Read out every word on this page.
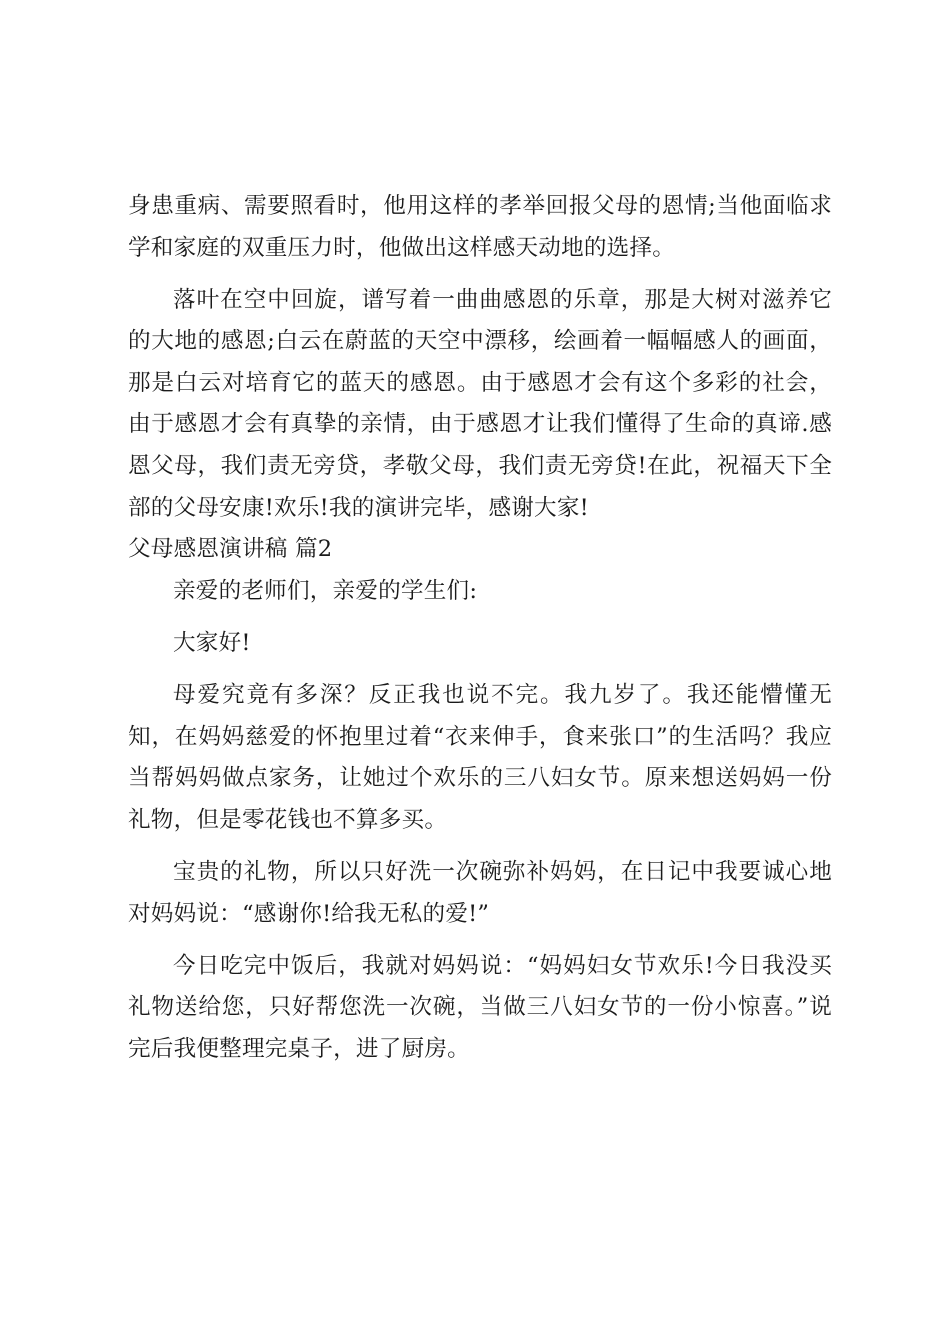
身患重病、需要照看时，他用这样的孝举回报父母的恩情;当他面临求学和家庭的双重压力时，他做出这样感天动地的选择。

落叶在空中回旋，谱写着一曲曲感恩的乐章，那是大树对滋养它的大地的感恩;白云在蔚蓝的天空中漂移，绘画着一幅幅感人的画面，那是白云对培育它的蓝天的感恩。由于感恩才会有这个多彩的社会，由于感恩才会有真挚的亲情，由于感恩才让我们懂得了生命的真谛.感恩父母，我们责无旁贷，孝敬父母，我们责无旁贷!在此，祝福天下全部的父母安康!欢乐!我的演讲完毕，感谢大家!

父母感恩演讲稿 篇2

亲爱的老师们，亲爱的学生们:

大家好!

母爱究竟有多深？反正我也说不完。我九岁了。我还能懵懂无知，在妈妈慈爱的怀抱里过着“衣来伸手，食来张口”的生活吗？我应当帮妈妈做点家务，让她过个欢乐的三八妇女节。原来想送妈妈一份礼物，但是零花钱也不算多买。

宝贵的礼物，所以只好洗一次碗弥补妈妈，在日记中我要诚心地对妈妈说：“感谢你!给我无私的爱!”

今日吃完中饭后，我就对妈妈说：“妈妈妇女节欢乐!今日我没买礼物送给您，只好帮您洗一次碗，当做三八妇女节的一份小惊喜。”说完后我便整理完桌子，进了厨房。
